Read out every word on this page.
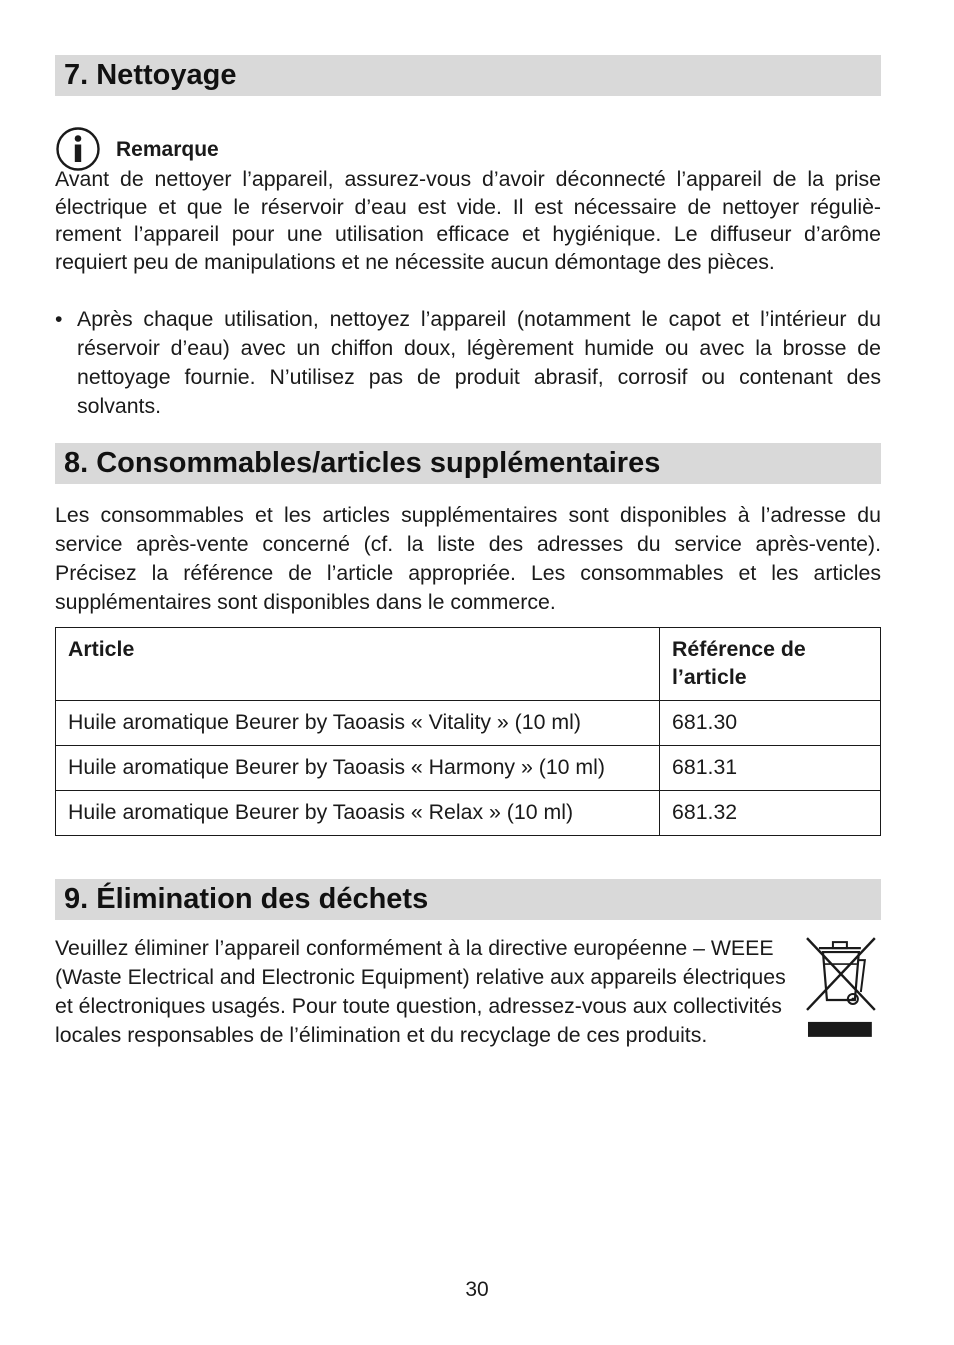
7. Nettoyage
Remarque

Avant de nettoyer l’appareil, assurez-vous d’avoir déconnecté l’appareil de la prise électrique et que le réservoir d’eau est vide. Il est nécessaire de nettoyer réguliè-rement l’appareil pour une utilisation efficace et hygiénique. Le diffuseur d’arôme requiert peu de manipulations et ne nécessite aucun démontage des pièces.

• Après chaque utilisation, nettoyez l’appareil (notamment le capot et l’intérieur du réservoir d’eau) avec un chiffon doux, légèrement humide ou avec la brosse de nettoyage fournie. N’utilisez pas de produit abrasif, corrosif ou contenant des solvants.
8. Consommables/articles supplémentaires

Les consommables et les articles supplémentaires sont disponibles à l’adresse du service après-vente concerné (cf. la liste des adresses du service après-vente). Précisez la référence de l’article appropriée. Les consommables et les articles supplémentaires sont disponibles dans le commerce.

Article	Référence de l’article
Huile aromatique Beurer by Taoasis « Vitality » (10 ml)	681.30
Huile aromatique Beurer by Taoasis « Harmony » (10 ml)	681.31
Huile aromatique Beurer by Taoasis « Relax » (10 ml)	681.32
9. Élimination des déchets

Veuillez éliminer l’appareil conformément à la directive européenne – WEEE (Waste Electrical and Electronic Equipment) relative aux appareils électriques et électroniques usagés. Pour toute question, adressez-vous aux collectivités locales responsables de l’élimination et du recyclage de ces produits.

30
